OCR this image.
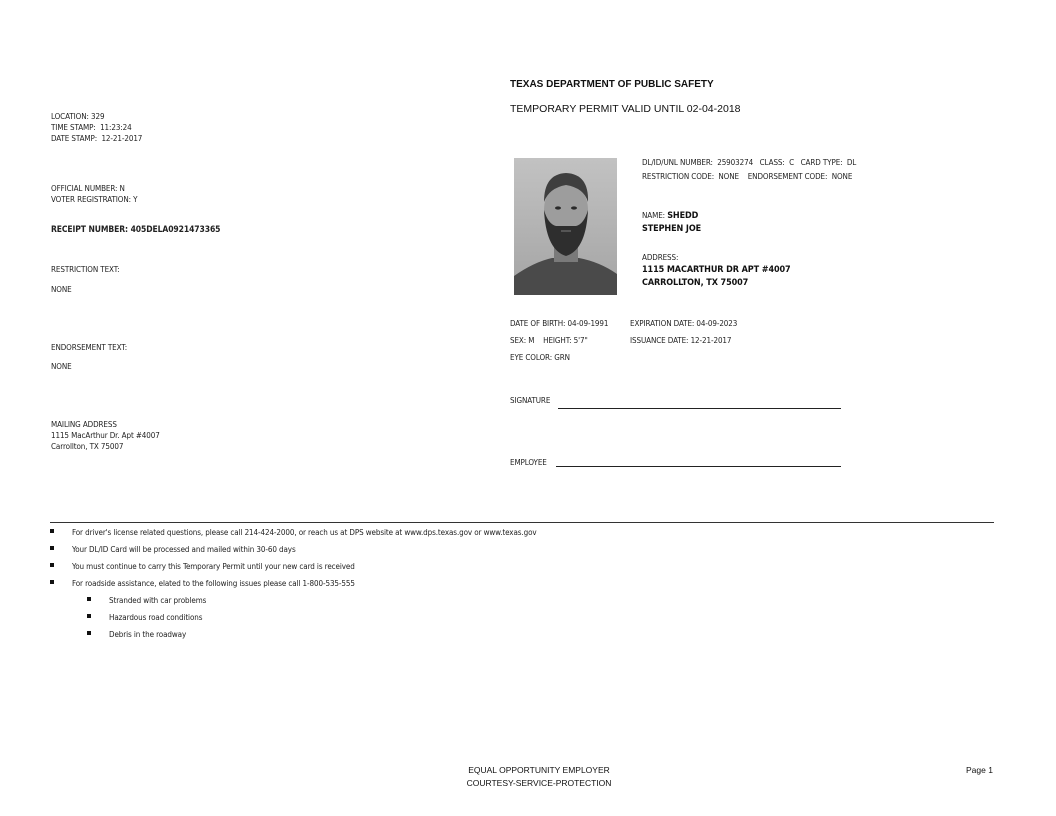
TEXAS DEPARTMENT OF PUBLIC SAFETY
TEMPORARY PERMIT VALID UNTIL 02-04-2018
LOCATION: 329
TIME STAMP: 11:23:24
DATE STAMP: 12-21-2017
OFFICIAL NUMBER: N
VOTER REGISTRATION: Y
RECEIPT NUMBER: 405DELA0921473365
RESTRICTION TEXT:
NONE
ENDORSEMENT TEXT:
NONE
MAILING ADDRESS
1115 MacArthur Dr. Apt #4007
Carrollton, TX 75007
DL/ID/UNL NUMBER: 25903274 CLASS: C CARD TYPE: DL
RESTRICTION CODE: NONE ENDORSEMENT CODE: NONE
NAME: SHEDD
STEPHEN JOE
ADDRESS:
1115 MACARTHUR DR APT #4007
CARROLLTON, TX 75007
DATE OF BIRTH: 04-09-1991	EXPIRATION DATE: 04-09-2023
SEX: M HEIGHT: 5'7"	ISSUANCE DATE: 12-21-2017
EYE COLOR: GRN
SIGNATURE
EMPLOYEE
For driver's license related questions, please call 214-424-2000, or reach us at DPS website at www.dps.texas.gov or www.texas.gov
Your DL/ID Card will be processed and mailed within 30-60 days
You must continue to carry this Temporary Permit until your new card is received
For roadside assistance, elated to the following issues please call 1-800-535-555
Stranded with car problems
Hazardous road conditions
Debris in the roadway
EQUAL OPPORTUNITY EMPLOYER
COURTESY-SERVICE-PROTECTION
Page 1
